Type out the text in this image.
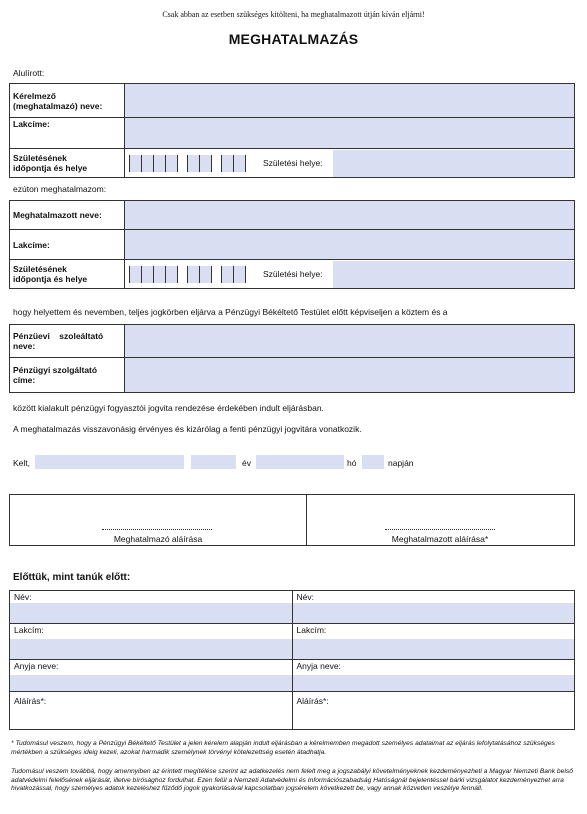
Csak abban az esetben szükséges kitölteni, ha meghatalmazott útján kíván eljárni!
MEGHATALMAZÁS
Alulírott:
Kérelmező
(meghatalmazó) neve:	
Lakcíme:	
Születésének
időpontja és helye	Születési helye:
ezúton meghatalmazom:
Meghatalmazott neve:	
Lakcíme:	
Születésének
időpontja és helye	Születési helye:
hogy helyettem és nevemben, teljes jogkörben eljárva a Pénzügyi Békéltető Testület előtt képviseljen a köztem és a
Pénzüevi    szoleáltató
neve:	
Pénzügyi szolgáltató
címe:	
között kialakult pénzügyi fogyasztói jogvita rendezése érdekében indult eljárásban.
A meghatalmazás visszavonásig érvényes és kizárólag a fenti pénzügyi jogvitára vonatkozik.
Kelt,	év	hó	napján
Meghatalmazó aláírása	Meghatalmazott aláírása*
Előttük, mint tanúk előtt:
Név:	Név:

Lakcím:	Lakcím:

Anyja neve:	Anyja neve:

Aláírás*:	Aláírás*:
* Tudomásul veszem, hogy a Pénzügyi Békéltető Testület a jelen kérelem alapján indult eljárásban a kérelmemben megadott személyes adataimat az eljárás lefolytatásához szükséges mértékben a szükséges ideig kezeli, azokat harmadik személynek törvényi kötelezettség esetén átadhatja.
Tudomásul veszem továbbá, hogy amennyiben az érintett megítélése szerint az adatkezelés nem felelt meg a jogszabályi követelményeknek kezdeményezheti a Magyar Nemzeti Bank belső adatvédelmi felelősének eljárását, illetve bírósághoz fordulhat. Ezen felül a Nemzeti Adatvédelmi és Információszabadság Hatóságnál bejelentéssel bárki vizsgálatot kezdeményezhet arra hivatkozással, hogy személyes adatok kezeléshez fűződő jogok gyakorlásával kapcsolatban jogsérelem következett be, vagy annak közvetlen veszélye fennáll.
